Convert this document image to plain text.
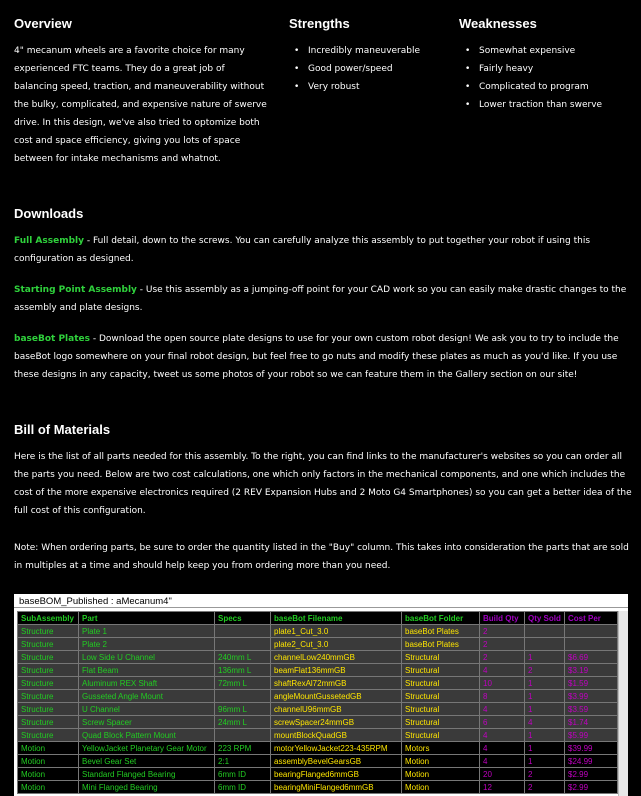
Overview
4" mecanum wheels are a favorite choice for many
experienced FTC teams. They do a great job of
balancing speed, traction, and maneuverability without
the bulky, complicated, and expensive nature of swerve
drive. In this design, we've also tried to optomize both
cost and space efficiency, giving you lots of space
between for intake mechanisms and whatnot.
Strengths
• Incredibly maneuverable
• Good power/speed
• Very robust
Weaknesses
• Somewhat expensive
• Fairly heavy
• Complicated to program
• Lower traction than swerve
Downloads
Full Assembly - Full detail, down to the screws. You can carefully analyze this assembly to put together your robot if using this
configuration as designed.
Starting Point Assembly - Use this assembly as a jumping-off point for your CAD work so you can easily make drastic changes to the
assembly and plate designs.
baseBot Plates - Download the open source plate designs to use for your own custom robot design! We ask you to try to include the
baseBot logo somewhere on your final robot design, but feel free to go nuts and modify these plates as much as you'd like. If you use
these designs in any capacity, tweet us some photos of your robot so we can feature them in the Gallery section on our site!
Bill of Materials
Here is the list of all parts needed for this assembly. To the right, you can find links to the manufacturer's websites so you can order all
the parts you need. Below are two cost calculations, one which only factors in the mechanical components, and one which includes the
cost of the more expensive electronics required (2 REV Expansion Hubs and 2 Moto G4 Smartphones) so you can get a better idea of the
full cost of this configuration.
Note: When ordering parts, be sure to order the quantity listed in the "Buy" column. This takes into consideration the parts that are sold
in multiples at a time and should help keep you from ordering more than you need.
baseBOM_Published : aMecanum4"
SubAssembly	Part	Specs	baseBot Filename	baseBot Folder	Build Qty	Qty Sold	Cost Per
Structure	Plate 1		plate1_Cut_3.0	baseBot Plates	2		
Structure	Plate 2		plate2_Cut_3.0	baseBot Plates	2		
Structure	Low Side U Channel	240mm L	channelLow240mmGB	Structural	2	1	$6.69
Structure	Flat Beam	136mm L	beamFlat136mmGB	Structural	4	2	$3.19
Structure	Aluminum REX Shaft	72mm L	shaftRexAl72mmGB	Structural	10	1	$1.59
Structure	Gusseted Angle Mount		angleMountGussetedGB	Structural	8	1	$3.99
Structure	U Channel	96mm L	channelU96mmGB	Structural	4	1	$3.59
Structure	Screw Spacer	24mm L	screwSpacer24mmGB	Structural	6	4	$1.74
Structure	Quad Block Pattern Mount		mountBlockQuadGB	Structural	4	1	$5.99
Motion	YellowJacket Planetary Gear Motor	223 RPM	motorYellowJacket223-435RPM	Motors	4	1	$39.99
Motion	Bevel Gear Set	2:1	assemblyBevelGearsGB	Motion	4	1	$24.99
Motion	Standard Flanged Bearing	6mm ID	bearingFlanged6mmGB	Motion	20	2	$2.99
Motion	Mini Flanged Bearing	6mm ID	bearingMiniFlanged6mmGB	Motion	12	2	$2.99
